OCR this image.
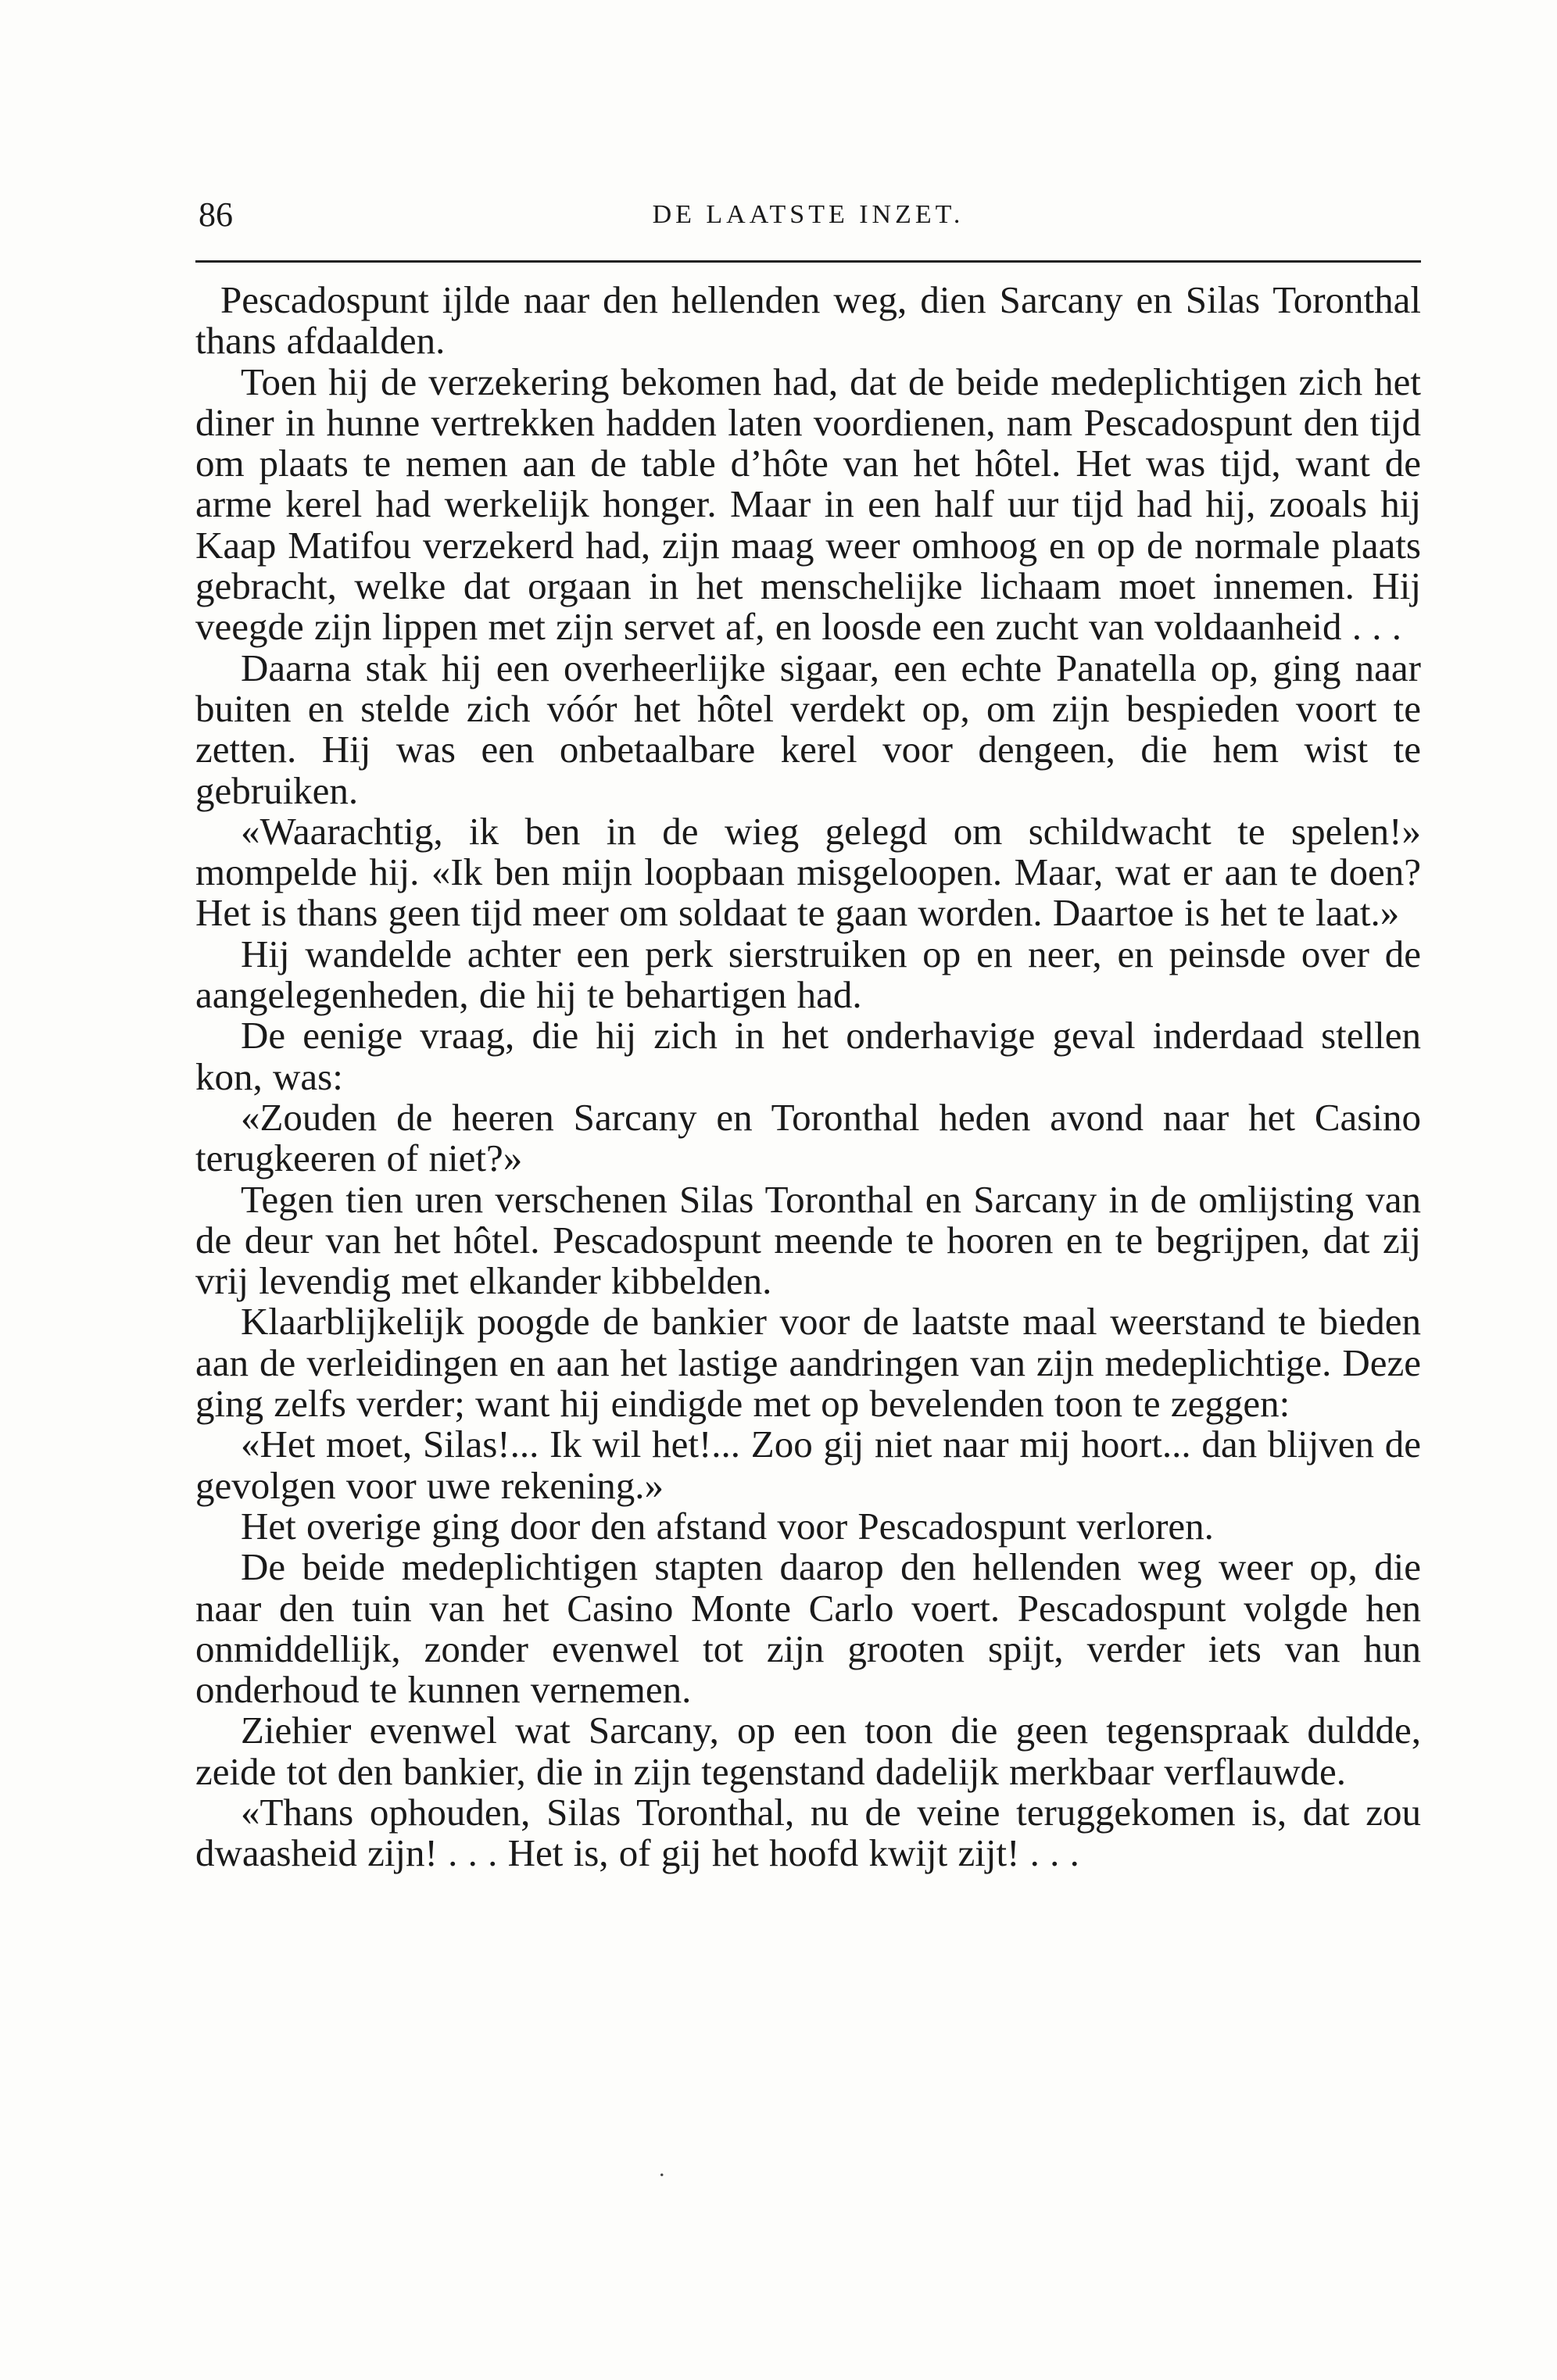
86	DE LAATSTE INZET.

Pescadospunt ijlde naar den hellenden weg, dien Sarcany en Silas Toronthal thans afdaalden.

Toen hij de verzekering bekomen had, dat de beide medeplichtigen zich het diner in hunne vertrekken hadden laten voordienen, nam Pescadospunt den tijd om plaats te nemen aan de table d’hôte van het hôtel. Het was tijd, want de arme kerel had werkelijk honger. Maar in een half uur tijd had hij, zooals hij Kaap Matifou verzekerd had, zijn maag weer omhoog en op de normale plaats gebracht, welke dat orgaan in het menschelijke lichaam moet innemen. Hij veegde zijn lippen met zijn servet af, en loosde een zucht van voldaanheid . . .

Daarna stak hij een overheerlijke sigaar, een echte Panatella op, ging naar buiten en stelde zich vóór het hôtel verdekt op, om zijn bespieden voort te zetten. Hij was een onbetaalbare kerel voor dengeen, die hem wist te gebruiken.

«Waarachtig, ik ben in de wieg gelegd om schildwacht te spelen!» mompelde hij. «Ik ben mijn loopbaan misgeloopen. Maar, wat er aan te doen? Het is thans geen tijd meer om soldaat te gaan worden. Daartoe is het te laat.»

Hij wandelde achter een perk sierstruiken op en neer, en peinsde over de aangelegenheden, die hij te behartigen had.

De eenige vraag, die hij zich in het onderhavige geval inderdaad stellen kon, was:

«Zouden de heeren Sarcany en Toronthal heden avond naar het Casino terugkeeren of niet?»

Tegen tien uren verschenen Silas Toronthal en Sarcany in de omlijsting van de deur van het hôtel. Pescadospunt meende te hooren en te begrijpen, dat zij vrij levendig met elkander kibbelden.

Klaarblijkelijk poogde de bankier voor de laatste maal weerstand te bieden aan de verleidingen en aan het lastige aandringen van zijn medeplichtige. Deze ging zelfs verder; want hij eindigde met op bevelenden toon te zeggen:

«Het moet, Silas!... Ik wil het!... Zoo gij niet naar mij hoort... dan blijven de gevolgen voor uwe rekening.»

Het overige ging door den afstand voor Pescadospunt verloren.

De beide medeplichtigen stapten daarop den hellenden weg weer op, die naar den tuin van het Casino Monte Carlo voert. Pescadospunt volgde hen onmiddellijk, zonder evenwel tot zijn grooten spijt, verder iets van hun onderhoud te kunnen vernemen.

Ziehier evenwel wat Sarcany, op een toon die geen tegenspraak duldde, zeide tot den bankier, die in zijn tegenstand dadelijk merkbaar verflauwde.

«Thans ophouden, Silas Toronthal, nu de veine teruggekomen is, dat zou dwaasheid zijn! . . . Het is, of gij het hoofd kwijt zijt! . . .

.
